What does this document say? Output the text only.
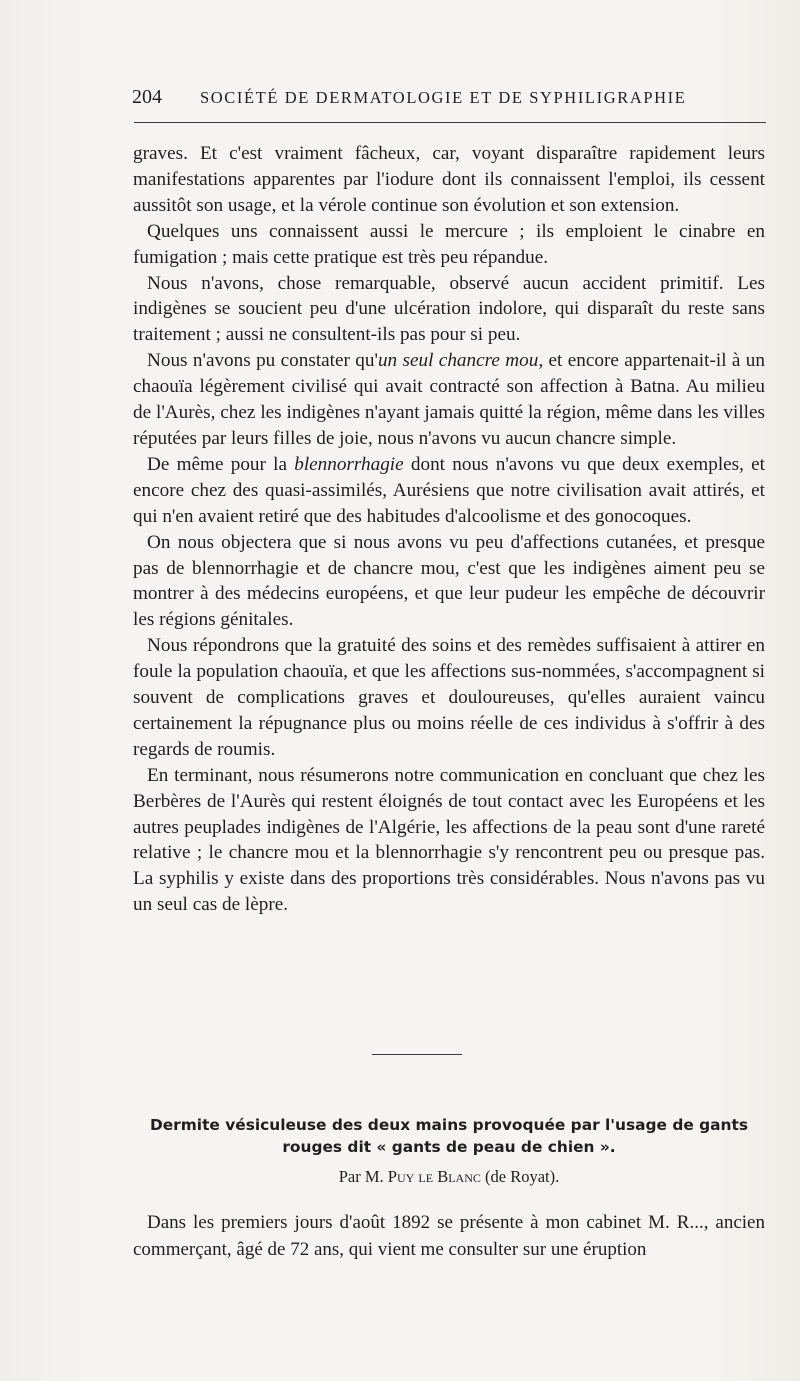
204 SOCIÉTÉ DE DERMATOLOGIE ET DE SYPHILIGRAPHIE

graves. Et c'est vraiment fâcheux, car, voyant disparaître rapidement leurs manifestations apparentes par l'iodure dont ils connaissent l'emploi, ils cessent aussitôt son usage, et la vérole continue son évolution et son extension.

Quelques uns connaissent aussi le mercure ; ils emploient le cinabre en fumigation ; mais cette pratique est très peu répandue.

Nous n'avons, chose remarquable, observé aucun accident primitif. Les indigènes se soucient peu d'une ulcération indolore, qui disparaît du reste sans traitement ; aussi ne consultent-ils pas pour si peu.

Nous n'avons pu constater qu'un seul chancre mou, et encore appartenait-il à un chaouïa légèrement civilisé qui avait contracté son affection à Batna. Au milieu de l'Aurès, chez les indigènes n'ayant jamais quitté la région, même dans les villes réputées par leurs filles de joie, nous n'avons vu aucun chancre simple.

De même pour la blennorrhagie dont nous n'avons vu que deux exemples, et encore chez des quasi-assimilés, Aurésiens que notre civilisation avait attirés, et qui n'en avaient retiré que des habitudes d'alcoolisme et des gonocoques.

On nous objectera que si nous avons vu peu d'affections cutanées, et presque pas de blennorrhagie et de chancre mou, c'est que les indigènes aiment peu se montrer à des médecins européens, et que leur pudeur les empêche de découvrir les régions génitales.

Nous répondrons que la gratuité des soins et des remèdes suffisaient à attirer en foule la population chaouïa, et que les affections sus-nommées, s'accompagnent si souvent de complications graves et douloureuses, qu'elles auraient vaincu certainement la répugnance plus ou moins réelle de ces individus à s'offrir à des regards de roumis.

En terminant, nous résumerons notre communication en concluant que chez les Berbères de l'Aurès qui restent éloignés de tout contact avec les Européens et les autres peuplades indigènes de l'Algérie, les affections de la peau sont d'une rareté relative ; le chancre mou et la blennorrhagie s'y rencontrent peu ou presque pas. La syphilis y existe dans des proportions très considérables. Nous n'avons pas vu un seul cas de lèpre.

Dermite vésiculeuse des deux mains provoquée par l'usage de gants
rouges dit « gants de peau de chien ».
Par M. Puy le Blanc (de Royat).

Dans les premiers jours d'août 1892 se présente à mon cabinet M. R..., ancien commerçant, âgé de 72 ans, qui vient me consulter sur une éruption
